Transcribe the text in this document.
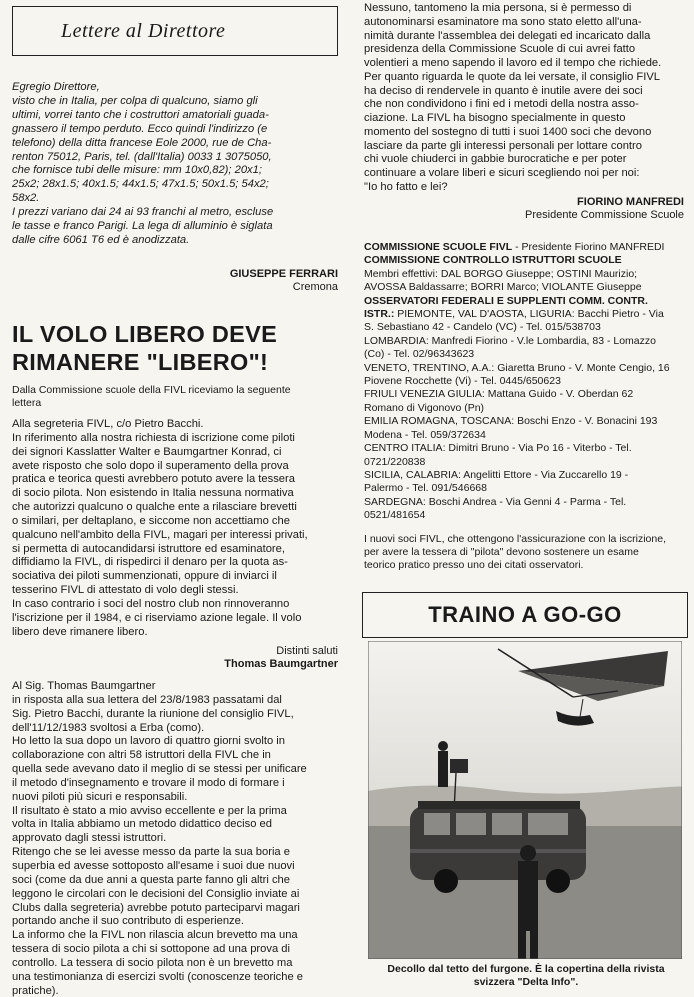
Lettere al Direttore
Egregio Direttore,
visto che in Italia, per colpa di qualcuno, siamo gli
ultimi, vorrei tanto che i costruttori amatoriali guada-
gnassero il tempo perduto. Ecco quindi l'indirizzo (e
telefono) della ditta francese Eole 2000, rue de Cha-
renton 75012, Paris, tel. (dall'Italia) 0033 1 3075050,
che fornisce tubi delle misure: mm 10x0,82); 20x1;
25x2; 28x1.5; 40x1.5; 44x1.5; 47x1.5; 50x1.5; 54x2;
58x2.
I prezzi variano dai 24 ai 93 franchi al metro, escluse
le tasse e franco Parigi. La lega di alluminio è siglata
dalle cifre 6061 T6 ed è anodizzata.
GIUSEPPE FERRARI
Cremona
IL VOLO LIBERO DEVE
RIMANERE "LIBERO"!
Dalla Commissione scuole della FIVL riceviamo la seguente
lettera
Alla segreteria FIVL, c/o Pietro Bacchi.
In riferimento alla nostra richiesta di iscrizione come piloti
dei signori Kasslatter Walter e Baumgartner Konrad, ci
avete risposto che solo dopo il superamento della prova
pratica e teorica questi avrebbero potuto avere la tessera
di socio pilota. Non esistendo in Italia nessuna normativa
che autorizzi qualcuno o qualche ente a rilasciare brevetti
o similari, per deltaplano, e siccome non accettiamo che
qualcuno nell'ambito della FIVL, magari per interessi privati,
si permetta di autocandidarsi istruttore ed esaminatore,
diffidiamo la FIVL, di rispedirci il denaro per la quota as-
sociativa dei piloti summenzionati, oppure di inviarci il
tesserino FIVL di attestato di volo degli stessi.
In caso contrario i soci del nostro club non rinnoveranno
l'iscrizione per il 1984, e ci riserviamo azione legale. Il volo
libero deve rimanere libero.
Distinti saluti
Thomas Baumgartner
Al Sig. Thomas Baumgartner
in risposta alla sua lettera del 23/8/1983 passatami dal
Sig. Pietro Bacchi, durante la riunione del consiglio FIVL,
dell'11/12/1983 svoltosi a Erba (como).
Ho letto la sua dopo un lavoro di quattro giorni svolto in
collaborazione con altri 58 istruttori della FIVL che in
quella sede avevano dato il meglio di se stessi per unificare
il metodo d'insegnamento e trovare il modo di formare i
nuovi piloti più sicuri e responsabili.
Il risultato è stato a mio avviso eccellente e per la prima
volta in Italia abbiamo un metodo didattico deciso ed
approvato dagli stessi istruttori.
Ritengo che se lei avesse messo da parte la sua boria e
superbia ed avesse sottoposto all'esame i suoi due nuovi
soci (come da due anni a questa parte fanno gli altri che
leggono le circolari con le decisioni del Consiglio inviate ai
Clubs dalla segreteria) avrebbe potuto parteciparvi magari
portando anche il suo contributo di esperienze.
La informo che la FIVL non rilascia alcun brevetto ma una
tessera di socio pilota a chi si sottopone ad una prova di
controllo. La tessera di socio pilota non è un brevetto ma
una testimonianza di esercizi svolti (conoscenze teoriche e
pratiche).
Nessuno, tantomeno la mia persona, si è permesso di
autonominarsi esaminatore ma sono stato eletto all'una-
nimità durante l'assemblea dei delegati ed incaricato dalla
presidenza della Commissione Scuole di cui avrei fatto
volentieri a meno sapendo il lavoro ed il tempo che richiede.
Per quanto riguarda le quote da lei versate, il consiglio FIVL
ha deciso di rendervele in quanto è inutile avere dei soci
che non condividono i fini ed i metodi della nostra asso-
ciazione. La FIVL ha bisogno specialmente in questo
momento del sostegno di tutti i suoi 1400 soci che devono
lasciare da parte gli interessi personali per lottare contro
chi vuole chiuderci in gabbie burocratiche e per poter
continuare a volare liberi e sicuri scegliendo noi per noi:
"Io ho fatto e lei?
FIORINO MANFREDI
Presidente Commissione Scuole
COMMISSIONE SCUOLE FIVL - Presidente Fiorino MANFREDI
COMMISSIONE CONTROLLO ISTRUTTORI SCUOLE
Membri effettivi: DAL BORGO Giuseppe; OSTINI Maurizio;
AVOSSA Baldassarre; BORRI Marco; VIOLANTE Giuseppe
OSSERVATORI FEDERALI E SUPPLENTI COMM. CONTR.
ISTR.: PIEMONTE, VAL D'AOSTA, LIGURIA: Bacchi Pietro - Via
S. Sebastiano 42 - Candelo (VC) - Tel. 015/538703
LOMBARDIA: Manfredi Fiorino - V.le Lombardia, 83 - Lomazzo
(Co) - Tel. 02/96343623
VENETO, TRENTINO, A.A.: Giaretta Bruno - V. Monte Cengio, 16
Piovene Rocchette (Vi) - Tel. 0445/650623
FRIULI VENEZIA GIULIA: Mattana Guido - V. Oberdan 62
Romano di Vigonovo (Pn)
EMILIA ROMAGNA, TOSCANA: Boschi Enzo - V. Bonacini 193
Modena - Tel. 059/372634
CENTRO ITALIA: Dimitri Bruno - Via Po 16 - Viterbo - Tel.
0721/220838
SICILIA, CALABRIA: Angelitti Ettore - Via Zuccarello 19 -
Palermo - Tel. 091/546668
SARDEGNA: Boschi Andrea - Via Genni 4 - Parma - Tel.
0521/481654
I nuovi soci FIVL, che ottengono l'assicurazione con la iscrizione,
per avere la tessera di "pilota" devono sostenere un esame
teorico pratico presso uno dei citati osservatori.
TRAINO A GO-GO
Decollo dal tetto del furgone. È la copertina della rivista
svizzera "Delta Info".
